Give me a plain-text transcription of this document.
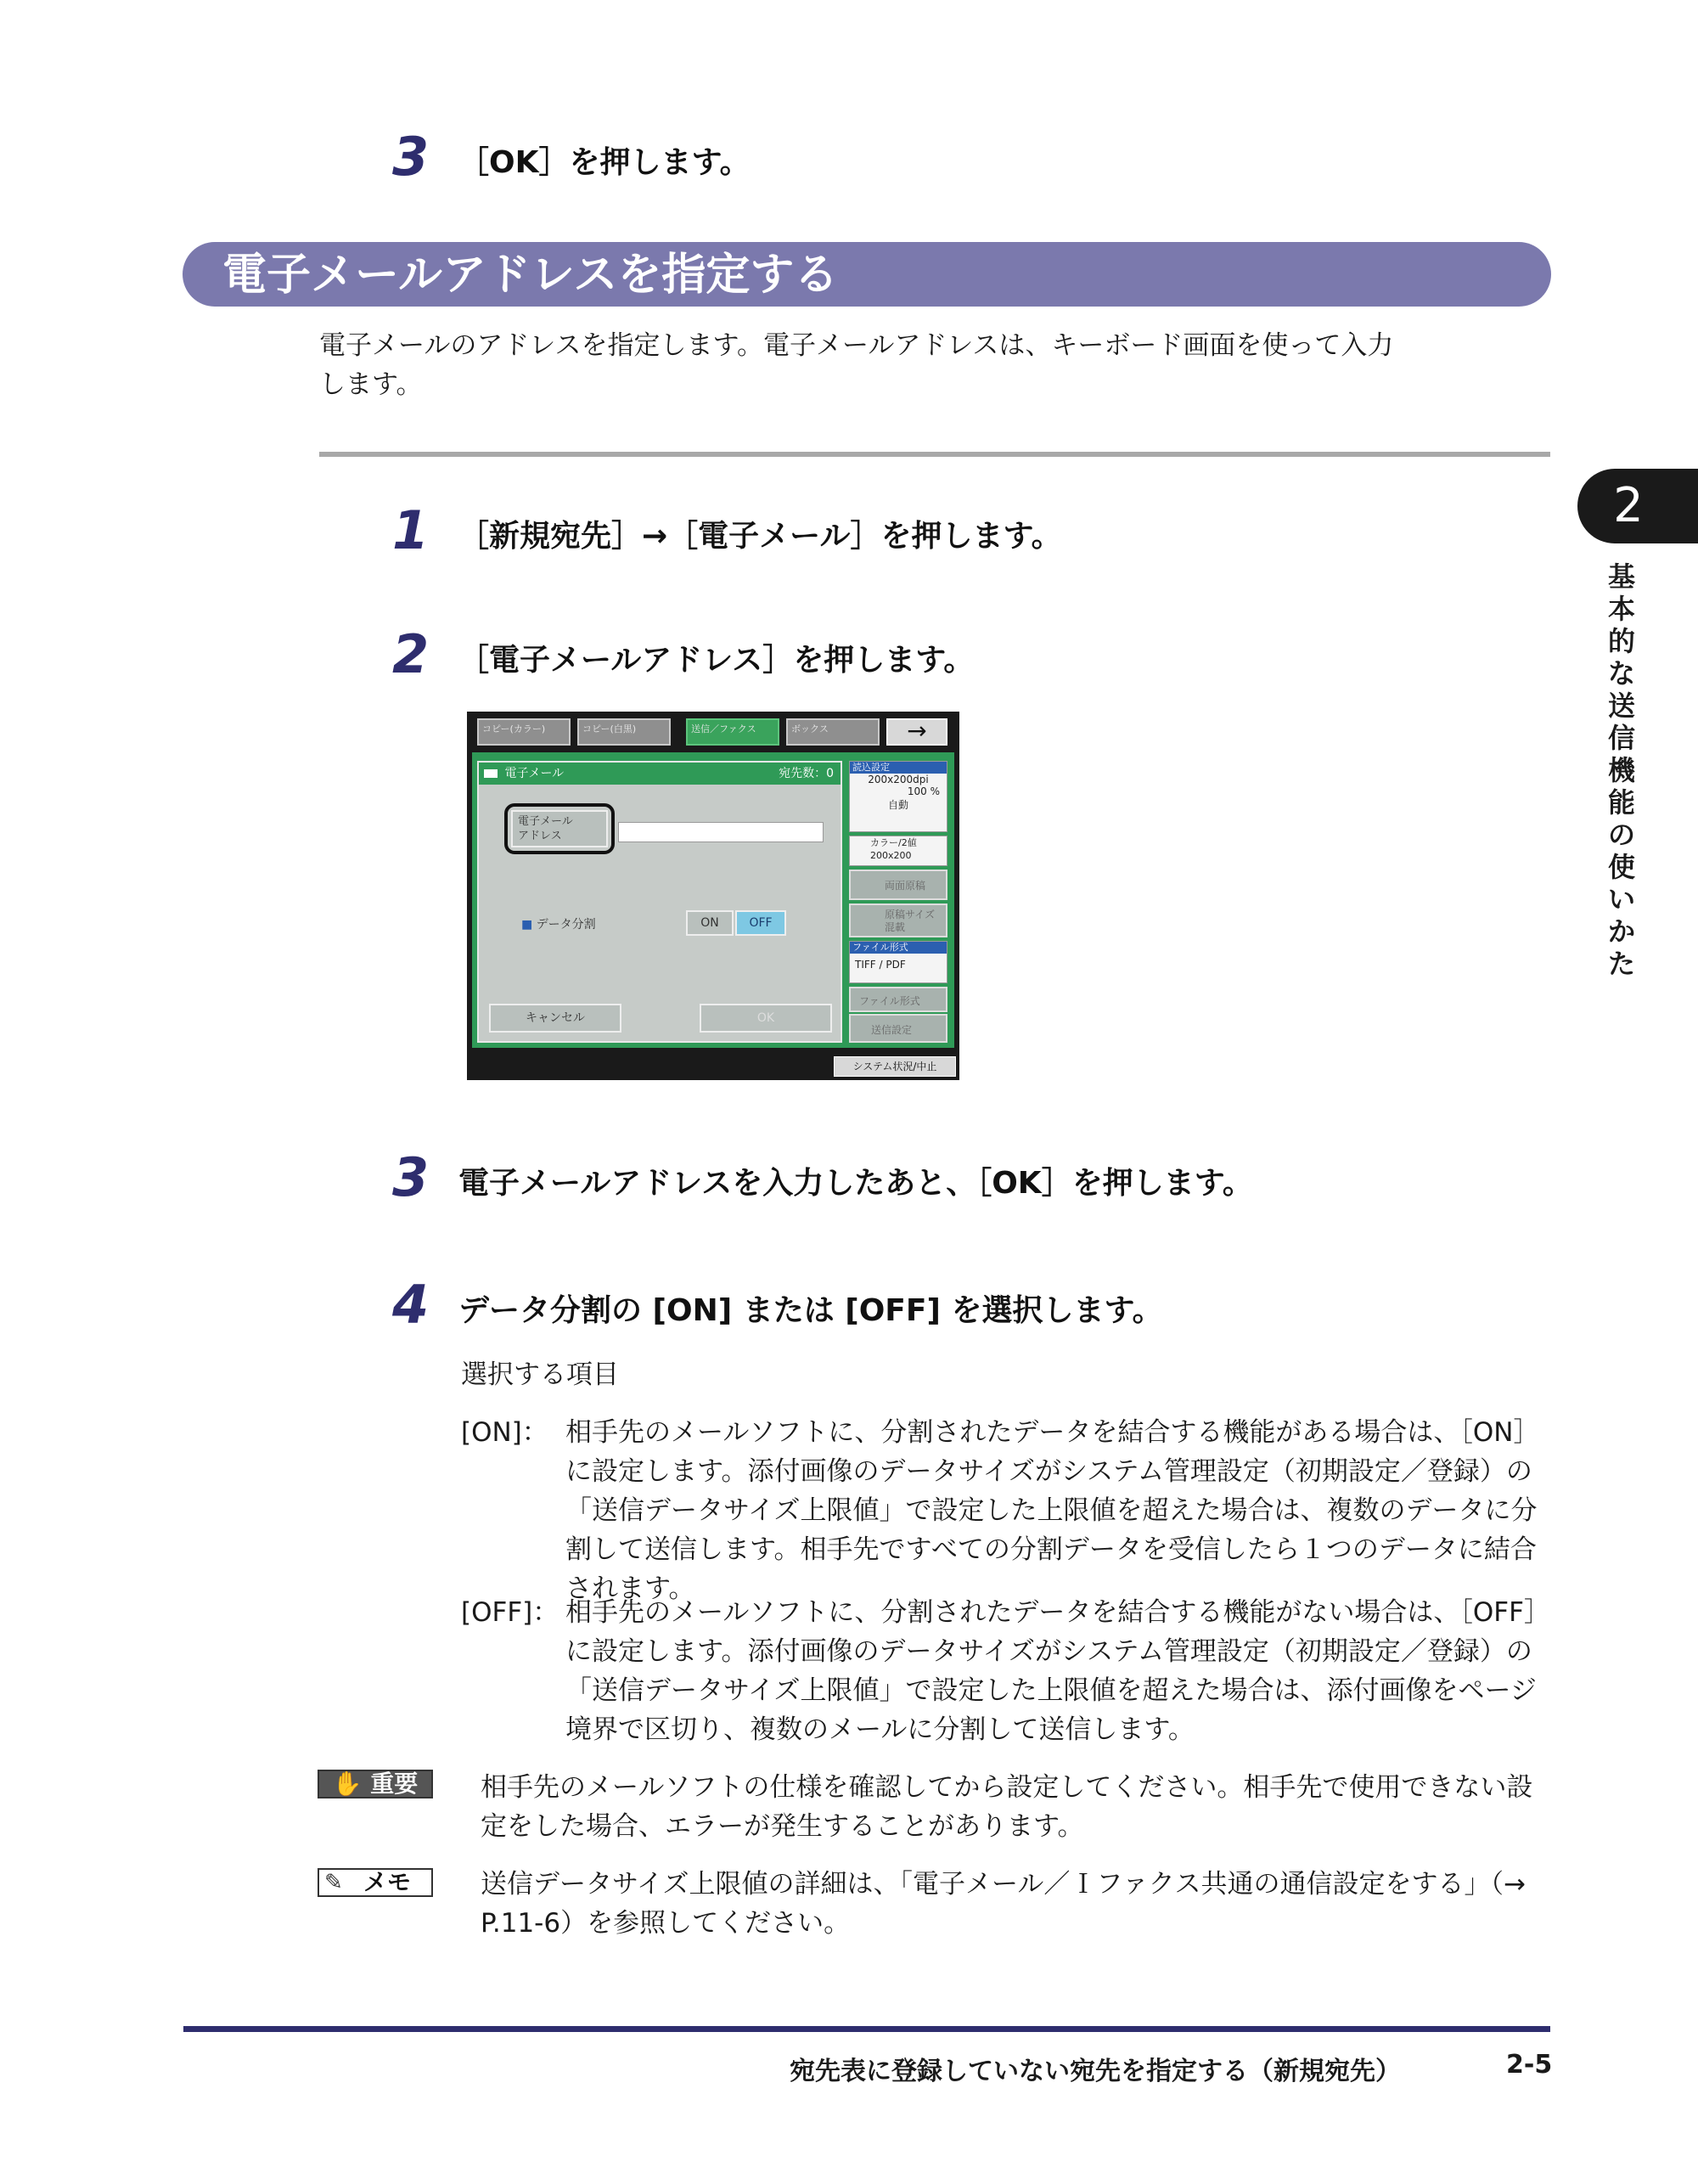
3 ［OK］を押します。
電子メールアドレスを指定する
電子メールのアドレスを指定します。電子メールアドレスは、キーボード画面を使って入力
します。
2
基本的な送信機能の使いかた
1 ［新規宛先］→［電子メール］を押します。
2 ［電子メールアドレス］を押します。
コピー(カラー)	コピー(白黒)	送信／ファクス	ボックス	→
電子メール	宛先数：0
電子メール
アドレス
■ データ分割	ON	OFF
キャンセル	OK
読込設定
200x200dpi
100 %
自動
カラー/2値
200x200
両面原稿
原稿サイズ
混載
ファイル形式
TIFF / PDF
ファイル形式
送信設定
システム状況/中止
3 電子メールアドレスを入力したあと、［OK］を押します。
4 データ分割の [ON] または [OFF] を選択します。
選択する項目
[ON]： 相手先のメールソフトに、分割されたデータを結合する機能がある場合は、［ON］
に設定します。添付画像のデータサイズがシステム管理設定（初期設定／登録）の
「送信データサイズ上限値」で設定した上限値を超えた場合は、複数のデータに分
割して送信します。相手先ですべての分割データを受信したら１つのデータに結合
されます。
[OFF]： 相手先のメールソフトに、分割されたデータを結合する機能がない場合は、［OFF］
に設定します。添付画像のデータサイズがシステム管理設定（初期設定／登録）の
「送信データサイズ上限値」で設定した上限値を超えた場合は、添付画像をページ
境界で区切り、複数のメールに分割して送信します。
✋ 重要	相手先のメールソフトの仕様を確認してから設定してください。相手先で使用できない設
定をした場合、エラーが発生することがあります。
✎ メモ	送信データサイズ上限値の詳細は、「電子メール／Ｉファクス共通の通信設定をする」（→
P.11-6）を参照してください。
宛先表に登録していない宛先を指定する（新規宛先）	2-5
